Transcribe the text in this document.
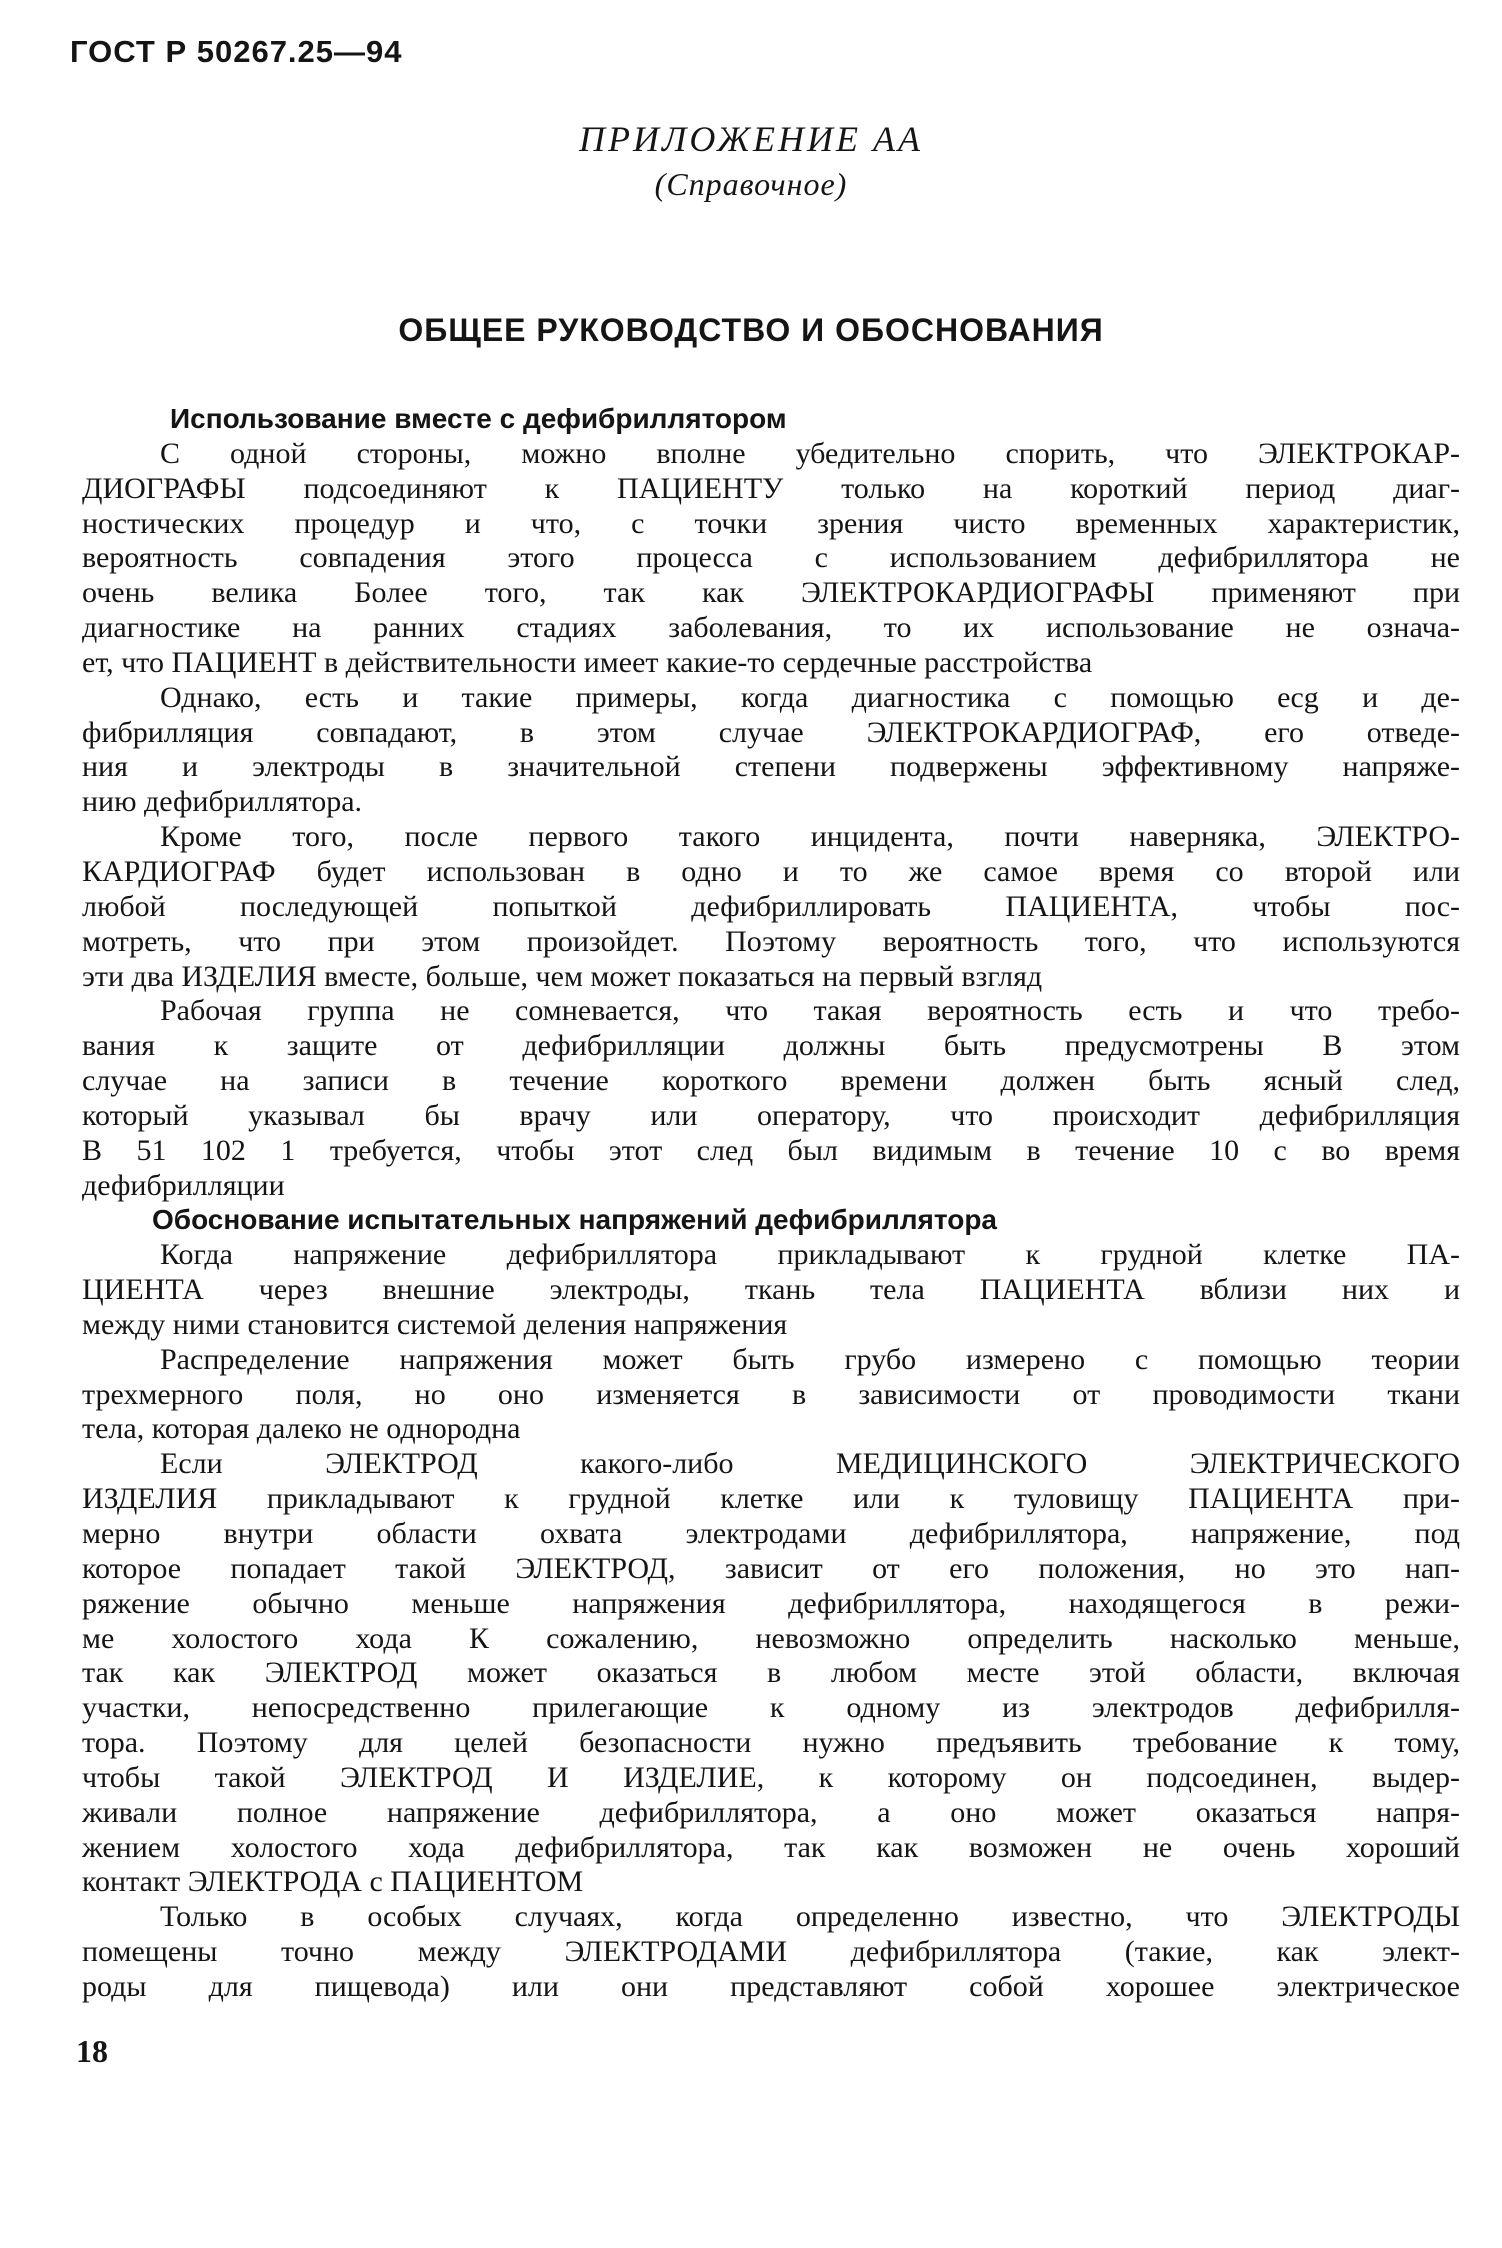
ГОСТ Р 50267.25—94
ПРИЛОЖЕНИЕ АА
(Справочное)
ОБЩЕЕ РУКОВОДСТВО И ОБОСНОВАНИЯ
Использование вместе с дефибриллятором
С одной стороны, можно вполне убедительно спорить, что ЭЛЕКТРОКАР-
ДИОГРАФЫ подсоединяют к ПАЦИЕНТУ только на короткий период диаг-
ностических процедур и что, с точки зрения чисто временных характеристик,
вероятность совпадения этого процесса с использованием дефибриллятора не
очень велика Более того, так как ЭЛЕКТРОКАРДИОГРАФЫ применяют при
диагностике на ранних стадиях заболевания, то их использование не означа-
ет, что ПАЦИЕНТ в действительности имеет какие-то сердечные расстройства
Однако, есть и такие примеры, когда диагностика с помощью ecg и де-
фибрилляция совпадают, в этом случае ЭЛЕКТРОКАРДИОГРАФ, его отведе-
ния и электроды в значительной степени подвержены эффективному напряже-
нию дефибриллятора.
Кроме того, после первого такого инцидента, почти наверняка, ЭЛЕКТРО-
КАРДИОГРАФ будет использован в одно и то же самое время со второй или
любой последующей попыткой дефибриллировать ПАЦИЕНТА, чтобы пос-
мотреть, что при этом произойдет. Поэтому вероятность того, что используются
эти два ИЗДЕЛИЯ вместе, больше, чем может показаться на первый взгляд
Рабочая группа не сомневается, что такая вероятность есть и что требо-
вания к защите от дефибрилляции должны быть предусмотрены В этом
случае на записи в течение короткого времени должен быть ясный след,
который указывал бы врачу или оператору, что происходит дефибрилляция
В 51 102 1 требуется, чтобы этот след был видимым в течение 10 с во время
дефибрилляции
Обоснование испытательных напряжений дефибриллятора
Когда напряжение дефибриллятора прикладывают к грудной клетке ПА-
ЦИЕНТА через внешние электроды, ткань тела ПАЦИЕНТА вблизи них и
между ними становится системой деления напряжения
Распределение напряжения может быть грубо измерено с помощью теории
трехмерного поля, но оно изменяется в зависимости от проводимости ткани
тела, которая далеко не однородна
Если ЭЛЕКТРОД какого-либо МЕДИЦИНСКОГО ЭЛЕКТРИЧЕСКОГО
ИЗДЕЛИЯ прикладывают к грудной клетке или к туловищу ПАЦИЕНТА при-
мерно внутри области охвата электродами дефибриллятора, напряжение, под
которое попадает такой ЭЛЕКТРОД, зависит от его положения, но это нап-
ряжение обычно меньше напряжения дефибриллятора, находящегося в режи-
ме холостого хода К сожалению, невозможно определить насколько меньше,
так как ЭЛЕКТРОД может оказаться в любом месте этой области, включая
участки, непосредственно прилегающие к одному из электродов дефибрилля-
тора. Поэтому для целей безопасности нужно предъявить требование к тому,
чтобы такой ЭЛЕКТРОД И ИЗДЕЛИЕ, к которому он подсоединен, выдер-
живали полное напряжение дефибриллятора, а оно может оказаться напря-
жением холостого хода дефибриллятора, так как возможен не очень хороший
контакт ЭЛЕКТРОДА с ПАЦИЕНТОМ
Только в особых случаях, когда определенно известно, что ЭЛЕКТРОДЫ
помещены точно между ЭЛЕКТРОДАМИ дефибриллятора (такие, как элект-
роды для пищевода) или они представляют собой хорошее электрическое
18
